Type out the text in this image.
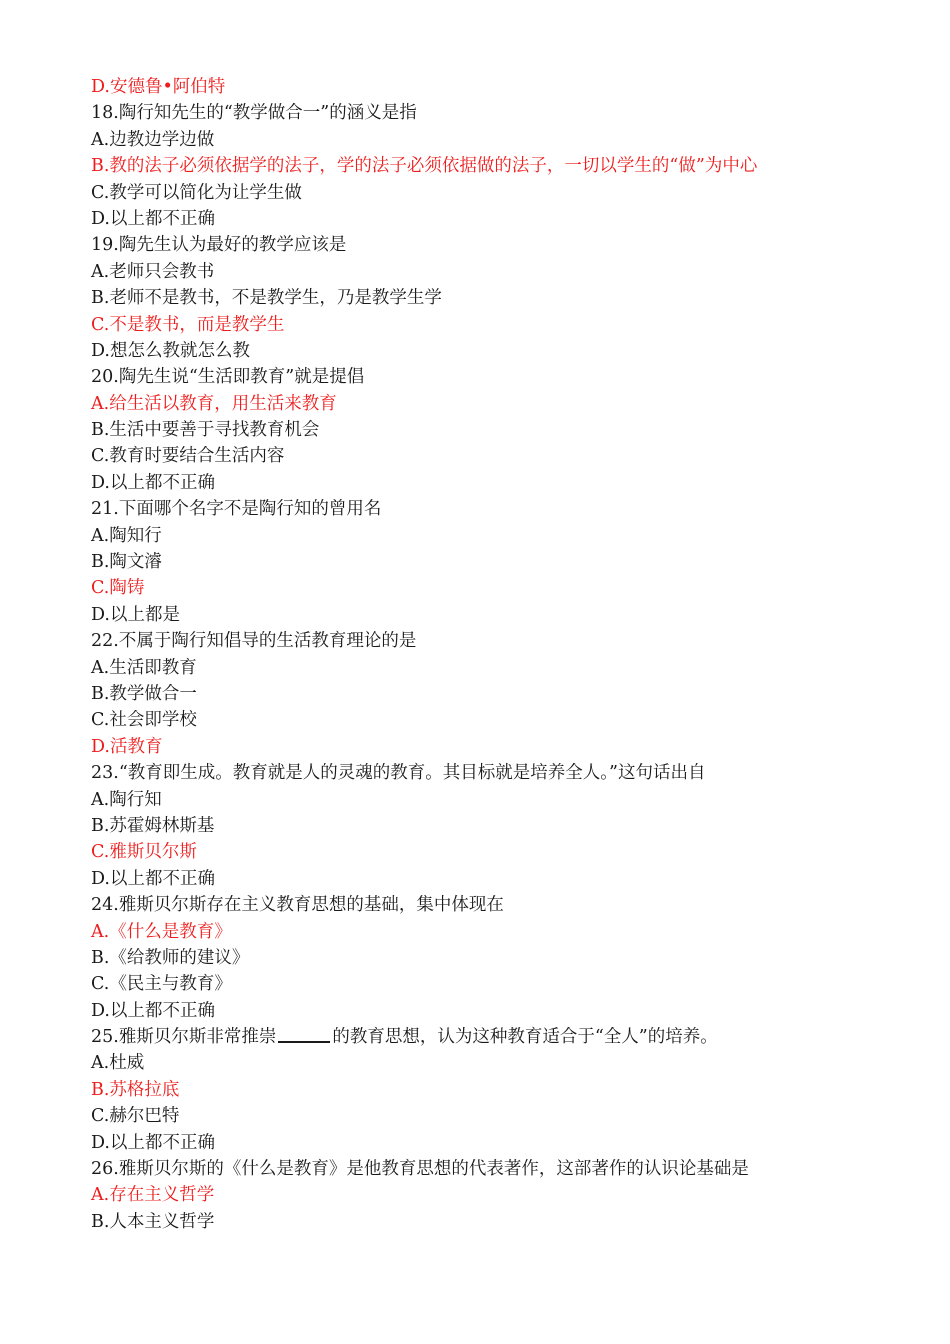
D.安德鲁•阿伯特
18.陶行知先生的“教学做合一”的涵义是指
A.边教边学边做
B.教的法子必须依据学的法子，学的法子必须依据做的法子，一切以学生的“做”为中心
C.教学可以简化为让学生做
D.以上都不正确
19.陶先生认为最好的教学应该是
A.老师只会教书
B.老师不是教书，不是教学生，乃是教学生学
C.不是教书，而是教学生
D.想怎么教就怎么教
20.陶先生说“生活即教育”就是提倡
A.给生活以教育，用生活来教育
B.生活中要善于寻找教育机会
C.教育时要结合生活内容
D.以上都不正确
21.下面哪个名字不是陶行知的曾用名
A.陶知行
B.陶文濬
C.陶铸
D.以上都是
22.不属于陶行知倡导的生活教育理论的是
A.生活即教育
B.教学做合一
C.社会即学校
D.活教育
23.“教育即生成。教育就是人的灵魂的教育。其目标就是培养全人。”这句话出自
A.陶行知
B.苏霍姆林斯基
C.雅斯贝尔斯
D.以上都不正确
24.雅斯贝尔斯存在主义教育思想的基础，集中体现在
A.《什么是教育》
B.《给教师的建议》
C.《民主与教育》
D.以上都不正确
25.雅斯贝尔斯非常推崇	的教育思想，认为这种教育适合于“全人”的培养。
A.杜威
B.苏格拉底
C.赫尔巴特
D.以上都不正确
26.雅斯贝尔斯的《什么是教育》是他教育思想的代表著作，这部著作的认识论基础是
A.存在主义哲学
B.人本主义哲学
